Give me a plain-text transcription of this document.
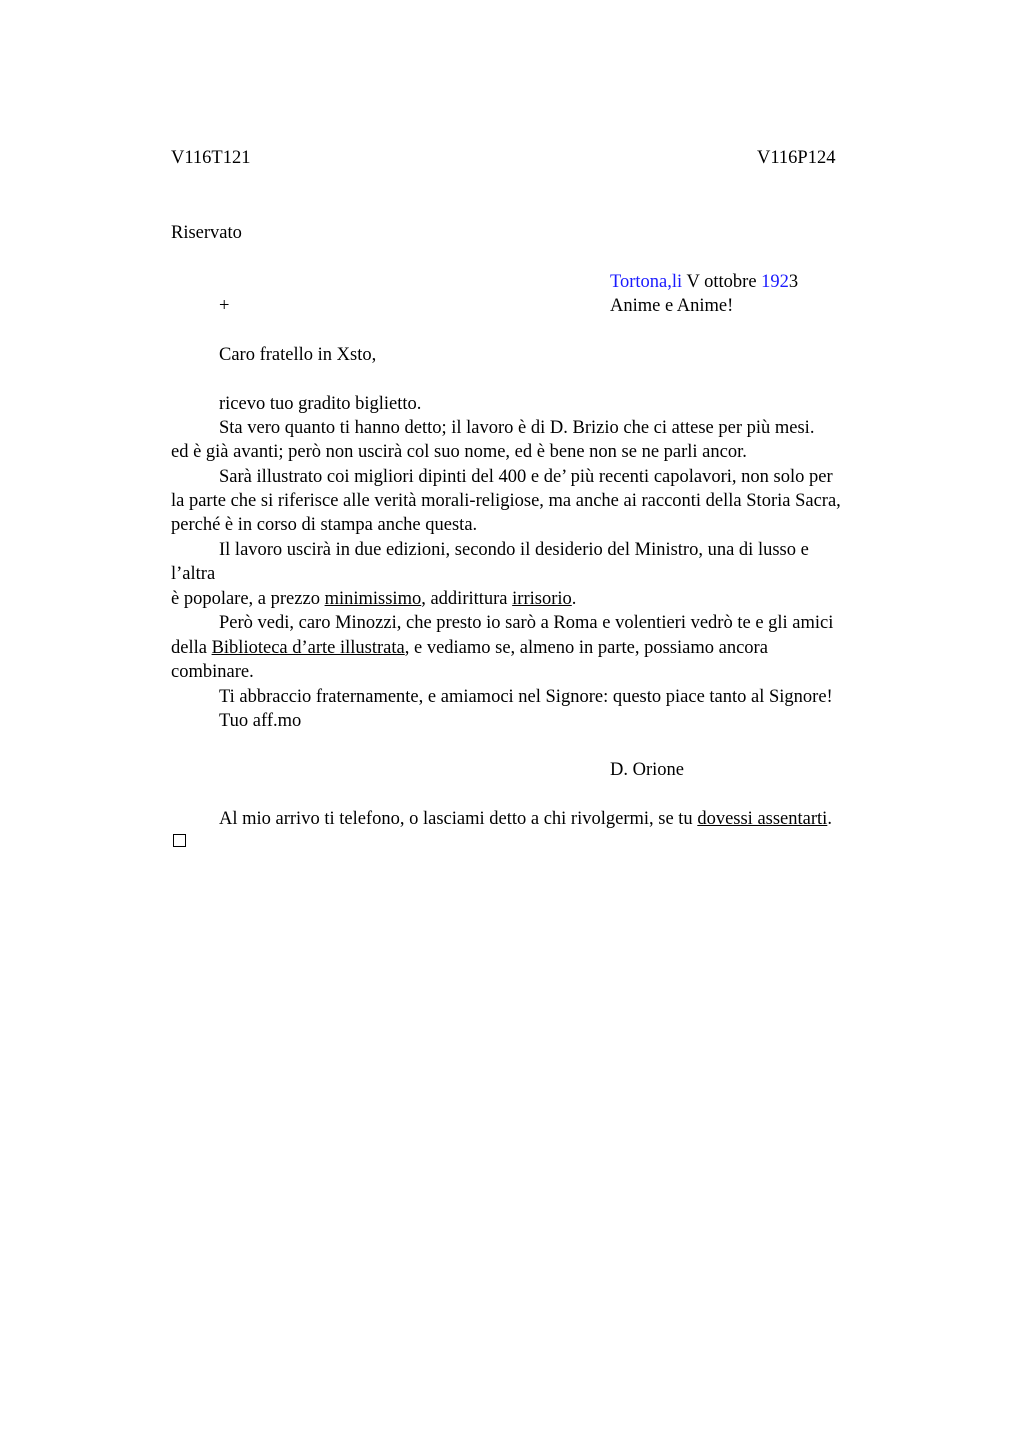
V116T121	V116P124
Riservato
Tortona,li V ottobre 1923
+	Anime e Anime!
Caro fratello in Xsto,
ricevo tuo gradito biglietto.
Sta vero quanto ti hanno detto; il lavoro è di D. Brizio che ci attese per più mesi.
ed è già avanti; però non uscirà col suo nome, ed è bene non se ne parli ancor.
Sarà illustrato coi migliori dipinti del 400 e de’ più recenti capolavori, non solo per
la parte che si riferisce alle verità morali-religiose, ma anche ai racconti della Storia Sacra,
perché è in corso di stampa anche questa.
Il lavoro uscirà in due edizioni, secondo il desiderio del Ministro, una di lusso e
l’altra
è popolare, a prezzo minimissimo, addirittura irrisorio.
Però vedi, caro Minozzi, che presto io sarò a Roma e volentieri vedrò te e gli amici
della Biblioteca d’arte illustrata, e vediamo se, almeno in parte, possiamo ancora
combinare.
Ti abbraccio fraternamente, e amiamoci nel Signore: questo piace tanto al Signore!
Tuo aff.mo
D. Orione
Al mio arrivo ti telefono, o lasciami detto a chi rivolgermi, se tu dovessi assentarti.
